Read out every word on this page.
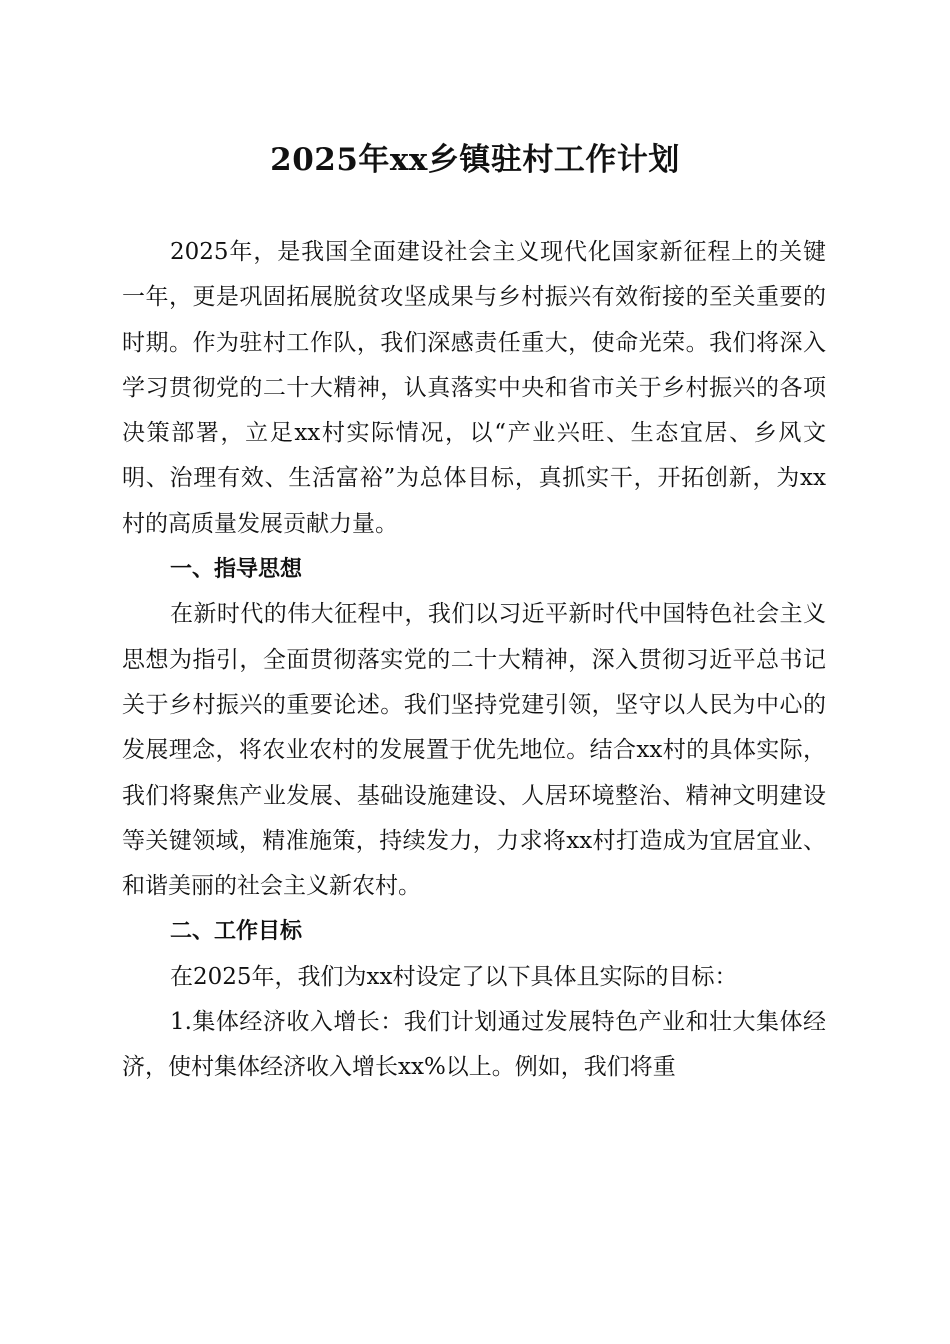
2025年xx乡镇驻村工作计划

2025年，是我国全面建设社会主义现代化国家新征程上的关键一年，更是巩固拓展脱贫攻坚成果与乡村振兴有效衔接的至关重要的时期。作为驻村工作队，我们深感责任重大，使命光荣。我们将深入学习贯彻党的二十大精神，认真落实中央和省市关于乡村振兴的各项决策部署，立足xx村实际情况，以“产业兴旺、生态宜居、乡风文明、治理有效、生活富裕”为总体目标，真抓实干，开拓创新，为xx村的高质量发展贡献力量。

一、指导思想

在新时代的伟大征程中，我们以习近平新时代中国特色社会主义思想为指引，全面贯彻落实党的二十大精神，深入贯彻习近平总书记关于乡村振兴的重要论述。我们坚持党建引领，坚守以人民为中心的发展理念，将农业农村的发展置于优先地位。结合xx村的具体实际，我们将聚焦产业发展、基础设施建设、人居环境整治、精神文明建设等关键领域，精准施策，持续发力，力求将xx村打造成为宜居宜业、和谐美丽的社会主义新农村。

二、工作目标

在2025年，我们为xx村设定了以下具体且实际的目标：

1.集体经济收入增长：我们计划通过发展特色产业和壮大集体经济，使村集体经济收入增长xx%以上。例如，我们将重
